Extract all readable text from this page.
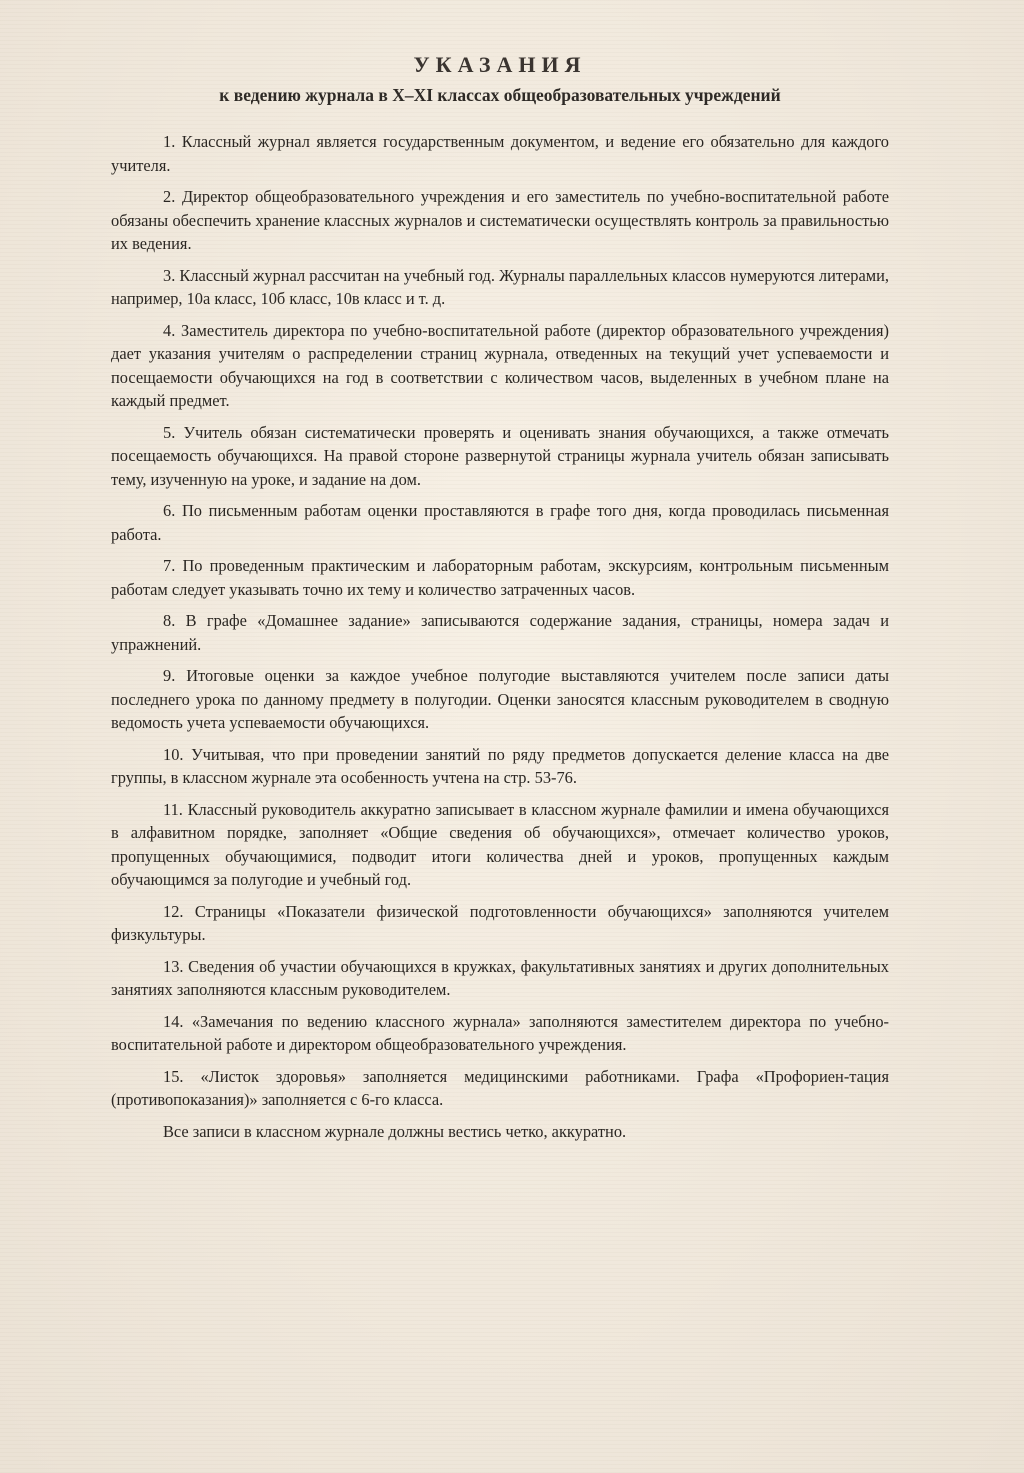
УКАЗАНИЯ
к ведению журнала в X–XI классах общеобразовательных учреждений

1. Классный журнал является государственным документом, и ведение его обязательно для каждого учителя.

2. Директор общеобразовательного учреждения и его заместитель по учебно-воспитательной работе обязаны обеспечить хранение классных журналов и систематически осуществлять контроль за правильностью их ведения.

3. Классный журнал рассчитан на учебный год. Журналы параллельных классов нумеруются литерами, например, 10а класс, 10б класс, 10в класс и т. д.

4. Заместитель директора по учебно-воспитательной работе (директор образовательного учреждения) дает указания учителям о распределении страниц журнала, отведенных на текущий учет успеваемости и посещаемости обучающихся на год в соответствии с количеством часов, выделенных в учебном плане на каждый предмет.

5. Учитель обязан систематически проверять и оценивать знания обучающихся, а также отмечать посещаемость обучающихся. На правой стороне развернутой страницы журнала учитель обязан записывать тему, изученную на уроке, и задание на дом.

6. По письменным работам оценки проставляются в графе того дня, когда проводилась письменная работа.

7. По проведенным практическим и лабораторным работам, экскурсиям, контрольным письменным работам следует указывать точно их тему и количество затраченных часов.

8. В графе «Домашнее задание» записываются содержание задания, страницы, номера задач и упражнений.

9. Итоговые оценки за каждое учебное полугодие выставляются учителем после записи даты последнего урока по данному предмету в полугодии. Оценки заносятся классным руководителем в сводную ведомость учета успеваемости обучающихся.

10. Учитывая, что при проведении занятий по ряду предметов допускается деление класса на две группы, в классном журнале эта особенность учтена на стр. 53-76.

11. Классный руководитель аккуратно записывает в классном журнале фамилии и имена обучающихся в алфавитном порядке, заполняет «Общие сведения об обучающихся», отмечает количество уроков, пропущенных обучающимися, подводит итоги количества дней и уроков, пропущенных каждым обучающимся за полугодие и учебный год.

12. Страницы «Показатели физической подготовленности обучающихся» заполняются учителем физкультуры.

13. Сведения об участии обучающихся в кружках, факультативных занятиях и других дополнительных занятиях заполняются классным руководителем.

14. «Замечания по ведению классного журнала» заполняются заместителем директора по учебно-воспитательной работе и директором общеобразовательного учреждения.

15. «Листок здоровья» заполняется медицинскими работниками. Графа «Профориен-тация (противопоказания)» заполняется с 6-го класса.

Все записи в классном журнале должны вестись четко, аккуратно.
